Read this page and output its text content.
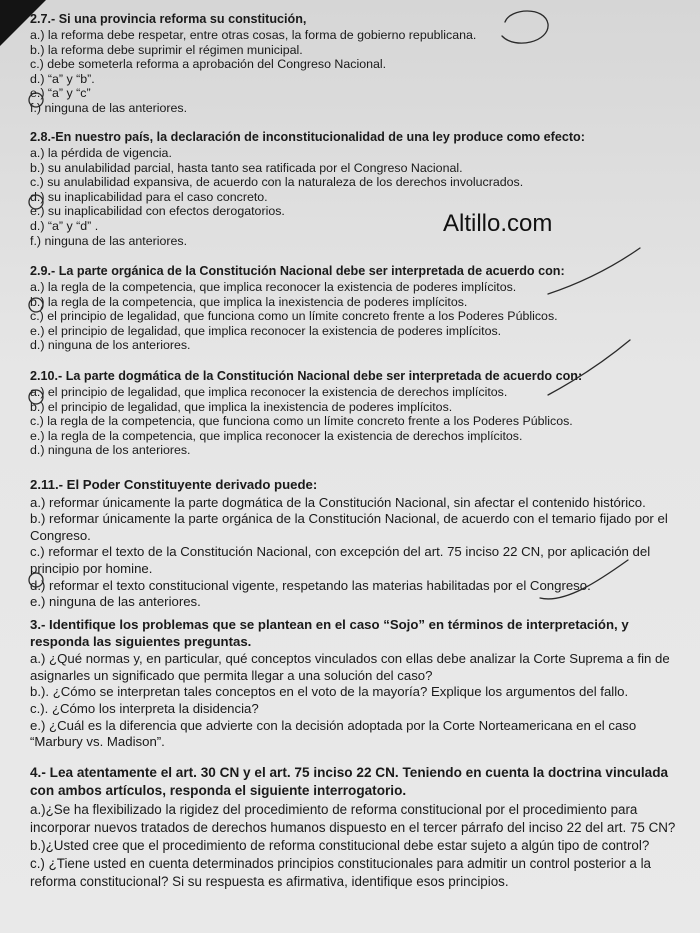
2.7.- Si una provincia reforma su constitución,
a.) la reforma debe respetar, entre otras cosas, la forma de gobierno republicana.
b.) la reforma debe suprimir el régimen municipal.
c.) debe someterla reforma a aprobación del Congreso Nacional.
d.) “a” y “b”.
e.) “a” y “c”
f.) ninguna de las anteriores.
2.8.-En nuestro país, la declaración de inconstitucionalidad de una ley produce como efecto:
a.) la pérdida de vigencia.
b.) su anulabilidad parcial, hasta tanto sea ratificada por el Congreso Nacional.
c.) su anulabilidad expansiva, de acuerdo con la naturaleza de los derechos involucrados.
d.) su inaplicabilidad para el caso concreto.
e.) su inaplicabilidad con efectos derogatorios.
d.) “a” y “d” .
f.) ninguna de las anteriores.
Altillo.com
2.9.- La parte orgánica de la Constitución Nacional debe ser interpretada de acuerdo con:
a.) la regla de la competencia, que implica reconocer la existencia de poderes implícitos.
b.) la regla de la competencia, que implica la inexistencia de poderes implícitos.
c.) el principio de legalidad, que funciona como un límite concreto frente a los Poderes Públicos.
e.) el principio de legalidad, que implica reconocer la existencia de poderes implícitos.
d.) ninguna de los anteriores.
2.10.- La parte dogmática de la Constitución Nacional debe ser interpretada de acuerdo con:
a.) el principio de legalidad, que implica reconocer la existencia de derechos implícitos.
b.) el principio de legalidad, que implica la inexistencia de poderes implícitos.
c.) la regla de la competencia, que funciona como un límite concreto frente a los Poderes Públicos.
e.) la regla de la competencia, que implica reconocer la existencia de derechos implícitos.
d.) ninguna de los anteriores.
2.11.- El Poder Constituyente derivado puede:
a.) reformar únicamente la parte dogmática de la Constitución Nacional, sin afectar el contenido histórico.
b.) reformar únicamente la parte orgánica de la Constitución Nacional, de acuerdo con el temario fijado por el Congreso.
c.) reformar el texto de la Constitución Nacional, con excepción del art. 75 inciso 22 CN, por aplicación del principio por homine.
d.) reformar el texto constitucional vigente, respetando las materias habilitadas por el Congreso.
e.) ninguna de las anteriores.
3.- Identifique los problemas que se plantean en el caso “Sojo” en términos de interpretación, y responda las siguientes preguntas.
a.) ¿Qué normas y, en particular, qué conceptos vinculados con ellas debe analizar la Corte Suprema a fin de asignarles un significado que permita llegar a una solución del caso?
b.). ¿Cómo se interpretan tales conceptos en el voto de la mayoría? Explique los argumentos del fallo.
c.). ¿Cómo los interpreta la disidencia?
e.) ¿Cuál es la diferencia que advierte con la decisión adoptada por la Corte Norteamericana en el caso “Marbury vs. Madison”.
4.- Lea atentamente el art. 30 CN y el art. 75 inciso 22 CN. Teniendo en cuenta la doctrina vinculada con ambos artículos, responda el siguiente interrogatorio.
a.)¿Se ha flexibilizado la rigidez del procedimiento de reforma constitucional por el procedimiento para incorporar nuevos tratados de derechos humanos dispuesto en el tercer párrafo del inciso 22 del art. 75 CN?
b.)¿Usted cree que el procedimiento de reforma constitucional debe estar sujeto a algún tipo de control?
c.) ¿Tiene usted en cuenta determinados principios constitucionales para admitir un control posterior a la reforma constitucional? Si su respuesta es afirmativa, identifique esos principios.
